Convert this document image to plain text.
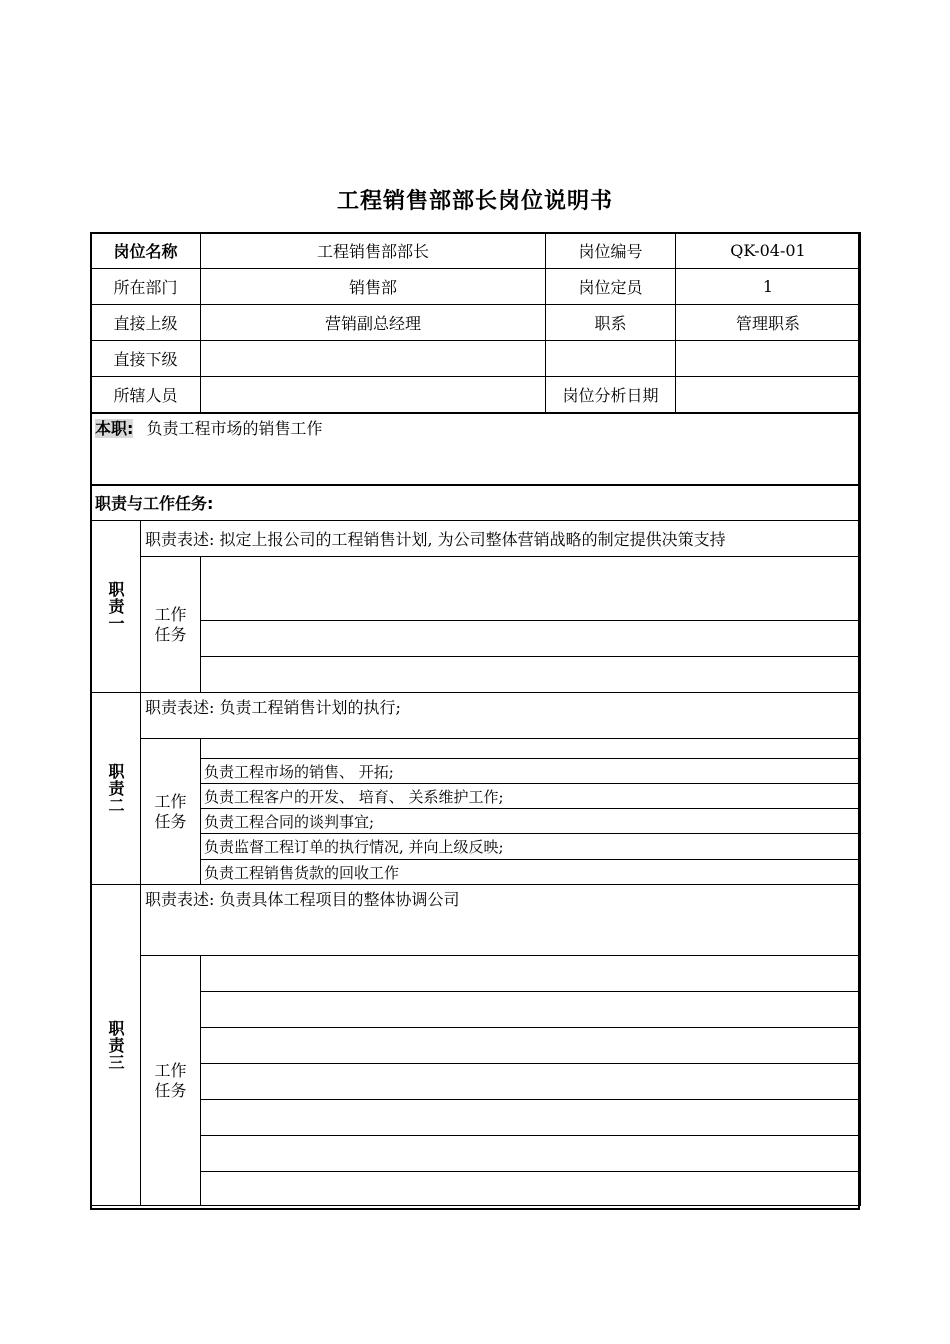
工程销售部部长岗位说明书
岗位名称		工程销售部部长	岗位编号	QK-04-01
所在部门		销售部	岗位定员	1
直接上级		营销副总经理	职系	管理职系
直接下级				
所辖人员			岗位分析日期	
本职: 负责工程市场的销售工作				
职责与工作任务:				

职责一	职责表述: 拟定上报公司的工程销售计划, 为公司整体营销战略的制定提供决策支持			

	工作任务			

职责二	职责表述: 负责工程销售计划的执行;			

	工作任务			

		负责工程市场的销售、 开拓;		
		负责工程客户的开发、 培育、 关系维护工作;		
		负责工程合同的谈判事宜;		
		负责监督工程订单的执行情况, 并向上级反映;		
		负责工程销售货款的回收工作		

职责三	职责表述: 负责具体工程项目的整体协调公司			

	工作任务			
